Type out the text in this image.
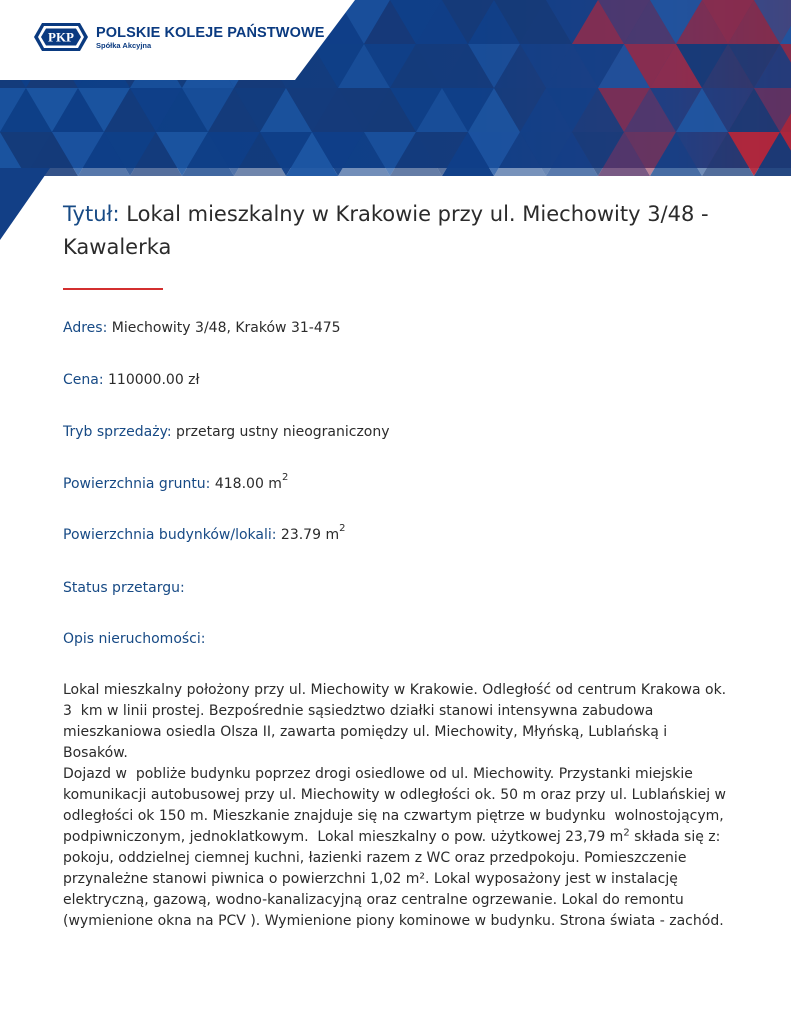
PKP POLSKIE KOLEJE PAŃSTWOWE
Spółka Akcyjna
Tytuł: Lokal mieszkalny w Krakowie przy ul. Miechowity 3/48 - Kawalerka
Adres: Miechowity 3/48, Kraków 31-475
Cena: 110000.00 zł
Tryb sprzedaży: przetarg ustny nieograniczony
Powierzchnia gruntu: 418.00 $m^2$
Powierzchnia budynków/lokali: 23.79 $m^2$
Status przetargu:
Opis nieruchomości:
Lokal mieszkalny położony przy ul. Miechowity w Krakowie. Odległość od centrum Krakowa ok.
3  km w linii prostej. Bezpośrednie sąsiedztwo działki stanowi intensywna zabudowa
mieszkaniowa osiedla Olsza II, zawarta pomiędzy ul. Miechowity, Młyńską, Lublańską i Bosaków.
Dojazd w  pobliże budynku poprzez drogi osiedlowe od ul. Miechowity. Przystanki miejskie
komunikacji autobusowej przy ul. Miechowity w odległości ok. 50 m oraz przy ul. Lublańskiej w
odległości ok 150 m. Mieszkanie znajduje się na czwartym piętrze w budynku  wolnostojącym,
podpiwniczonym, jednoklatkowym.  Lokal mieszkalny o pow. użytkowej 23,79 $m^2$ składa się z:
pokoju, oddzielnej ciemnej kuchni, łazienki razem z WC oraz przedpokoju. Pomieszczenie
przynależne stanowi piwnica o powierzchni 1,02 m². Lokal wyposażony jest w instalację
elektryczną, gazową, wodno-kanalizacyjną oraz centralne ogrzewanie. Lokal do remontu
(wymienione okna na PCV ). Wymienione piony kominowe w budynku. Strona świata - zachód.
